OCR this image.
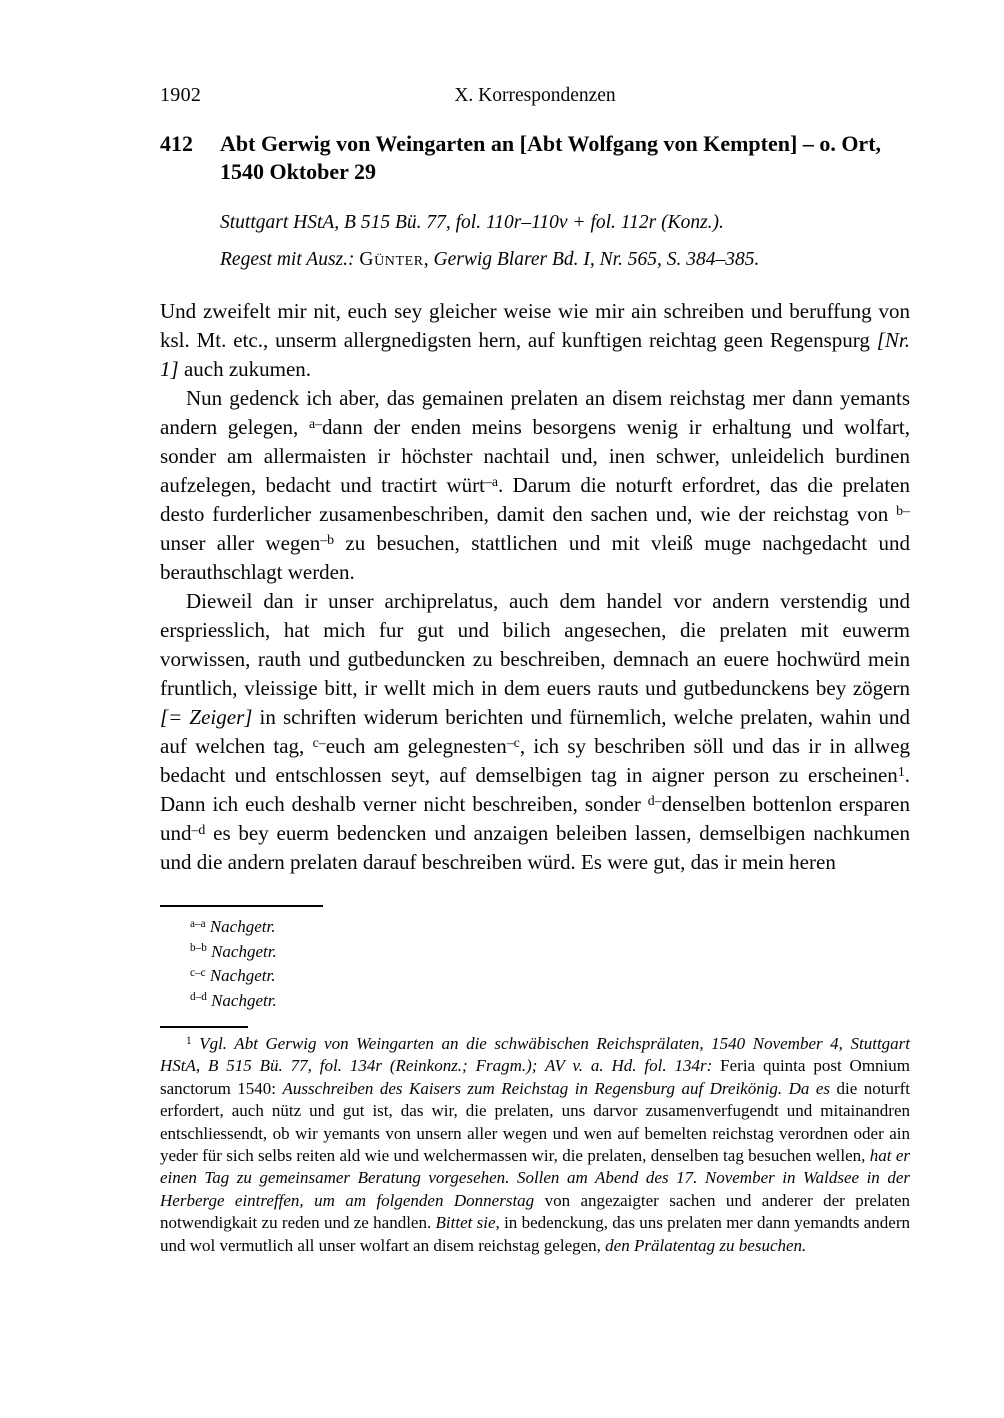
1902	X. Korrespondenzen
412	Abt Gerwig von Weingarten an [Abt Wolfgang von Kempten] – o. Ort,
1540 Oktober 29
Stuttgart HStA, B 515 Bü. 77, fol. 110r–110v + fol. 112r (Konz.).
Regest mit Ausz.: Günter, Gerwig Blarer Bd. I, Nr. 565, S. 384–385.

Und zweifelt mir nit, euch sey gleicher weise wie mir ain schreiben und beruffung von ksl. Mt. etc., unserm allergnedigsten hern, auf kunftigen reichtag geen Regenspurg [Nr. 1] auch zukumen.

Nun gedenck ich aber, das gemainen prelaten an disem reichstag mer dann yemants andern gelegen, $^{a-}$dann der enden meins besorgens wenig ir erhaltung und wolfart, sonder am allermaisten ir höchster nachtail und, inen schwer, unleidelich burdinen aufzelegen, bedacht und tractirt würt$^{-a}$. Darum die noturft erfordret, das die prelaten desto furderlicher zusamenbeschriben, damit den sachen und, wie der reichstag von $^{b-}$unser aller wegen$^{-b}$ zu besuchen, stattlichen und mit vleiß muge nachgedacht und berauthschlagt werden.

Dieweil dan ir unser archiprelatus, auch dem handel vor andern verstendig und erspriesslich, hat mich fur gut und bilich angesechen, die prelaten mit euwerm vorwissen, rauth und gutbeduncken zu beschreiben, demnach an euere hochwürd mein fruntlich, vleissige bitt, ir wellt mich in dem euers rauts und gutbedunckens bey zögern [= Zeiger] in schriften widerum berichten und fürnemlich, welche prelaten, wahin und auf welchen tag, $^{c-}$euch am gelegnesten$^{-c}$, ich sy beschriben söll und das ir in allweg bedacht und entschlossen seyt, auf demselbigen tag in aigner person zu erscheinen$^1$. Dann ich euch deshalb verner nicht beschreiben, sonder $^{d-}$denselben bottenlon ersparen und$^{-d}$ es bey euerm bedencken und anzaigen beleiben lassen, demselbigen nachkumen und die andern prelaten darauf beschreiben würd. Es were gut, das ir mein heren

$^{a-a}$ Nachgetr.
$^{b-b}$ Nachgetr.
$^{c-c}$ Nachgetr.
$^{d-d}$ Nachgetr.
$^1$ Vgl. Abt Gerwig von Weingarten an die schwäbischen Reichsprälaten, 1540 November 4, Stuttgart HStA, B 515 Bü. 77, fol. 134r (Reinkonz.; Fragm.); AV v. a. Hd. fol. 134r: Feria quinta post Omnium sanctorum 1540: Ausschreiben des Kaisers zum Reichstag in Regensburg auf Dreikönig. Da es die noturft erfordert, auch nütz und gut ist, das wir, die prelaten, uns darvor zusamenverfugendt und mitainandren entschliessendt, ob wir yemants von unsern aller wegen und wen auf bemelten reichstag verordnen oder ain yeder für sich selbs reiten ald wie und welchermassen wir, die prelaten, denselben tag besuchen wellen, hat er einen Tag zu gemeinsamer Beratung vorgesehen. Sollen am Abend des 17. November in Waldsee in der Herberge eintreffen, um am folgenden Donnerstag von angezaigter sachen und anderer der prelaten notwendigkait zu reden und ze handlen. Bittet sie, in bedenckung, das uns prelaten mer dann yemandts andern und wol vermutlich all unser wolfart an disem reichstag gelegen, den Prälatentag zu besuchen.
